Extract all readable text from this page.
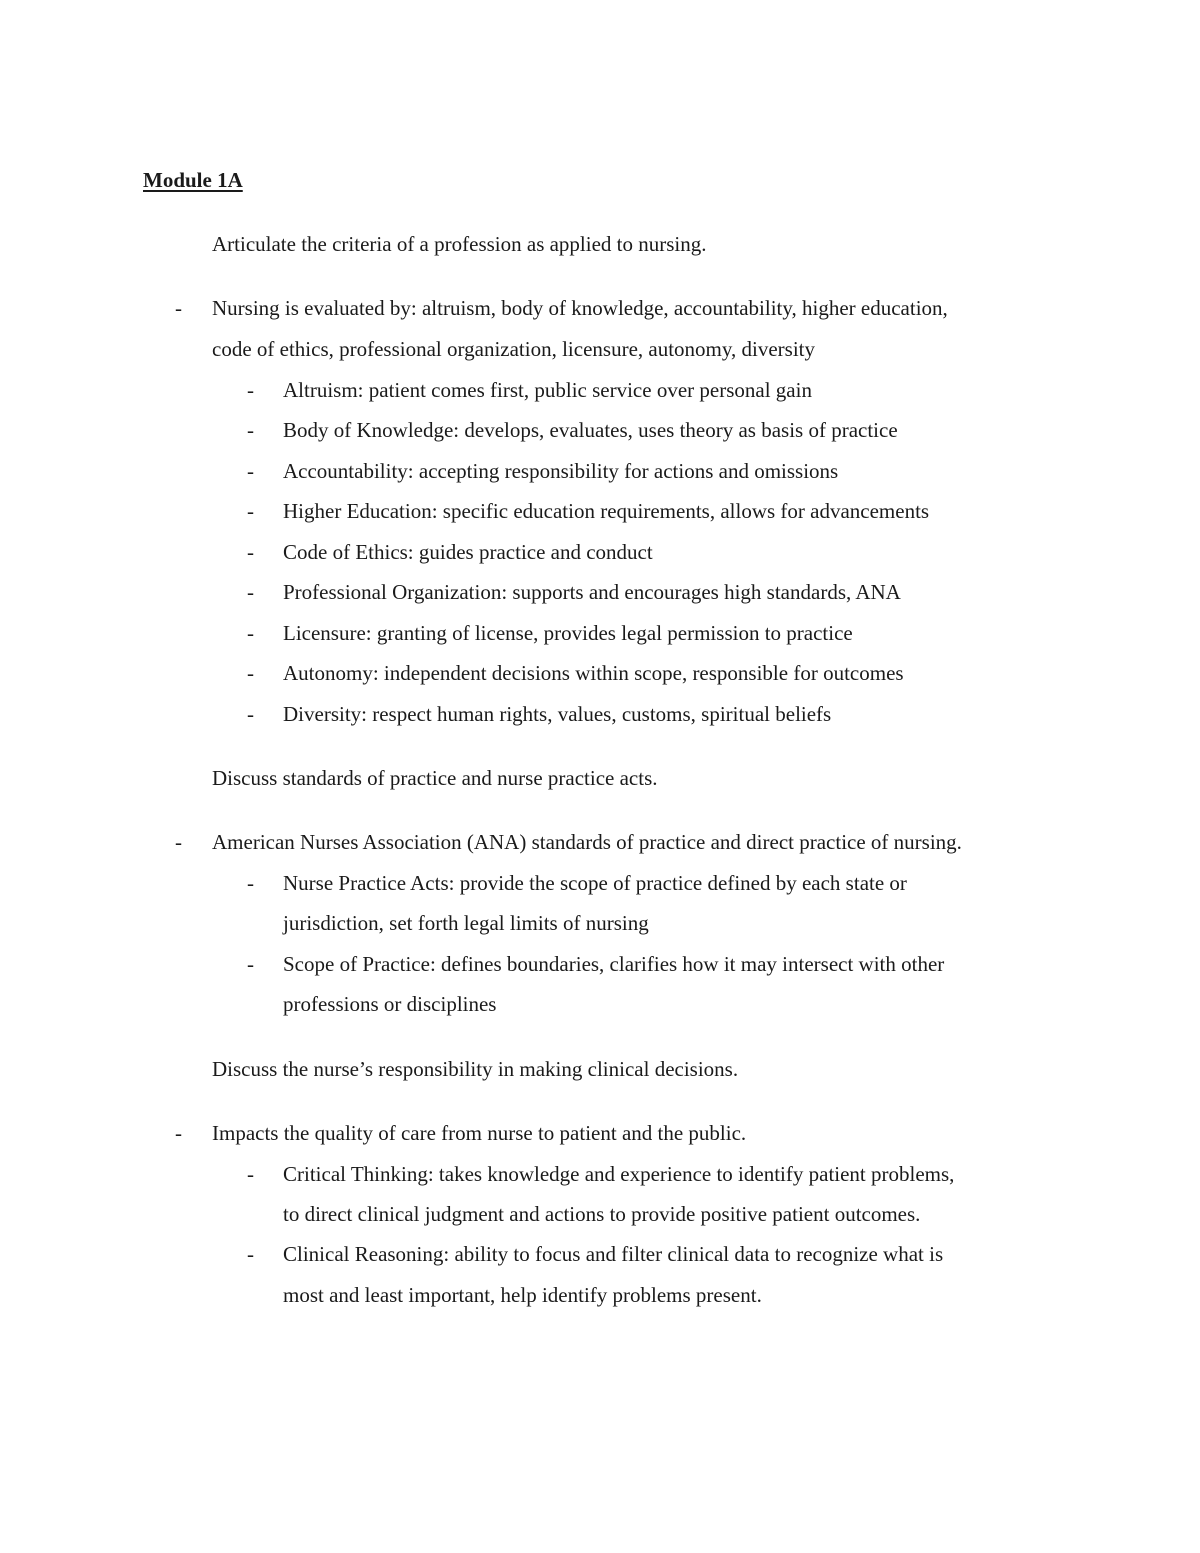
Module 1A
Articulate the criteria of a profession as applied to nursing.
- Nursing is evaluated by: altruism, body of knowledge, accountability, higher education,
code of ethics, professional organization, licensure, autonomy, diversity
- Altruism: patient comes first, public service over personal gain
- Body of Knowledge: develops, evaluates, uses theory as basis of practice
- Accountability: accepting responsibility for actions and omissions
- Higher Education: specific education requirements, allows for advancements
- Code of Ethics: guides practice and conduct
- Professional Organization: supports and encourages high standards, ANA
- Licensure: granting of license, provides legal permission to practice
- Autonomy: independent decisions within scope, responsible for outcomes
- Diversity: respect human rights, values, customs, spiritual beliefs
Discuss standards of practice and nurse practice acts.
- American Nurses Association (ANA) standards of practice and direct practice of nursing.
- Nurse Practice Acts: provide the scope of practice defined by each state or
jurisdiction, set forth legal limits of nursing
- Scope of Practice: defines boundaries, clarifies how it may intersect with other
professions or disciplines
Discuss the nurse’s responsibility in making clinical decisions.
- Impacts the quality of care from nurse to patient and the public.
- Critical Thinking: takes knowledge and experience to identify patient problems,
to direct clinical judgment and actions to provide positive patient outcomes.
- Clinical Reasoning: ability to focus and filter clinical data to recognize what is
most and least important, help identify problems present.
